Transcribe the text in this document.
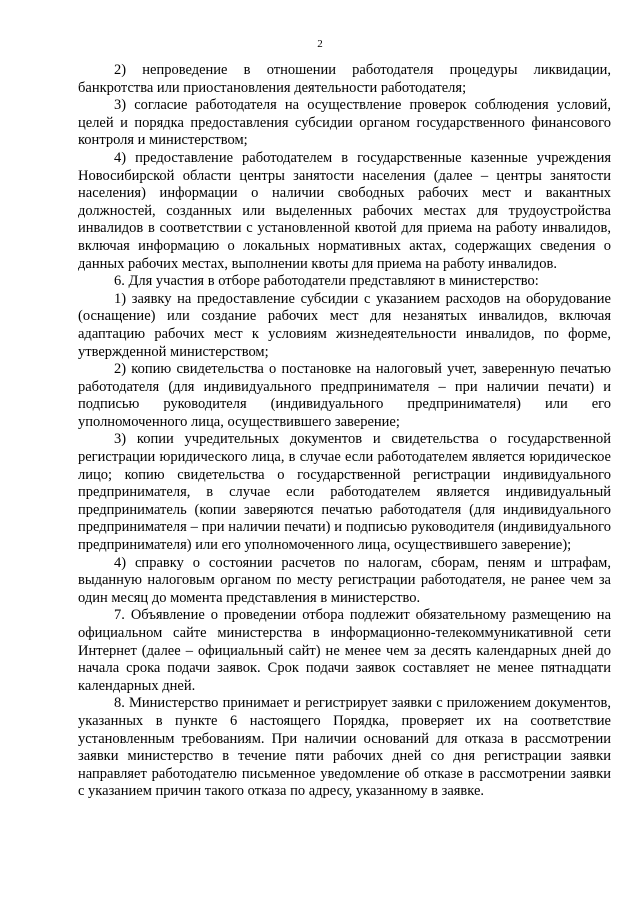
2

2) непроведение в отношении работодателя процедуры ликвидации, банкротства или приостановления деятельности работодателя;

3) согласие работодателя на осуществление проверок соблюдения условий, целей и порядка предоставления субсидии органом государственного финансового контроля и министерством;

4) предоставление работодателем в государственные казенные учреждения Новосибирской области центры занятости населения (далее – центры занятости населения) информации о наличии свободных рабочих мест и вакантных должностей, созданных или выделенных рабочих местах для трудоустройства инвалидов в соответствии с установленной квотой для приема на работу инвалидов, включая информацию о локальных нормативных актах, содержащих сведения о данных рабочих местах, выполнении квоты для приема на работу инвалидов.

6. Для участия в отборе работодатели представляют в министерство:

1) заявку на предоставление субсидии с указанием расходов на оборудование (оснащение) или создание рабочих мест для незанятых инвалидов, включая адаптацию рабочих мест к условиям жизнедеятельности инвалидов, по форме, утвержденной министерством;

2) копию свидетельства о постановке на налоговый учет, заверенную печатью работодателя (для индивидуального предпринимателя – при наличии печати) и подписью руководителя (индивидуального предпринимателя) или его уполномоченного лица, осуществившего заверение;

3) копии учредительных документов и свидетельства о государственной регистрации юридического лица, в случае если работодателем является юридическое лицо; копию свидетельства о государственной регистрации индивидуального предпринимателя, в случае если работодателем является индивидуальный предприниматель (копии заверяются печатью работодателя (для индивидуального предпринимателя – при наличии печати) и подписью руководителя (индивидуального предпринимателя) или его уполномоченного лица, осуществившего заверение);

4) справку о состоянии расчетов по налогам, сборам, пеням и штрафам, выданную налоговым органом по месту регистрации работодателя, не ранее чем за один месяц до момента представления в министерство.

7. Объявление о проведении отбора подлежит обязательному размещению на официальном сайте министерства в информационно-телекоммуникативной сети Интернет (далее – официальный сайт) не менее чем за десять календарных дней до начала срока подачи заявок. Срок подачи заявок составляет не менее пятнадцати календарных дней.

8. Министерство принимает и регистрирует заявки с приложением документов, указанных в пункте 6 настоящего Порядка, проверяет их на соответствие установленным требованиям. При наличии оснований для отказа в рассмотрении заявки министерство в течение пяти рабочих дней со дня регистрации заявки направляет работодателю письменное уведомление об отказе в рассмотрении заявки с указанием причин такого отказа по адресу, указанному в заявке.
